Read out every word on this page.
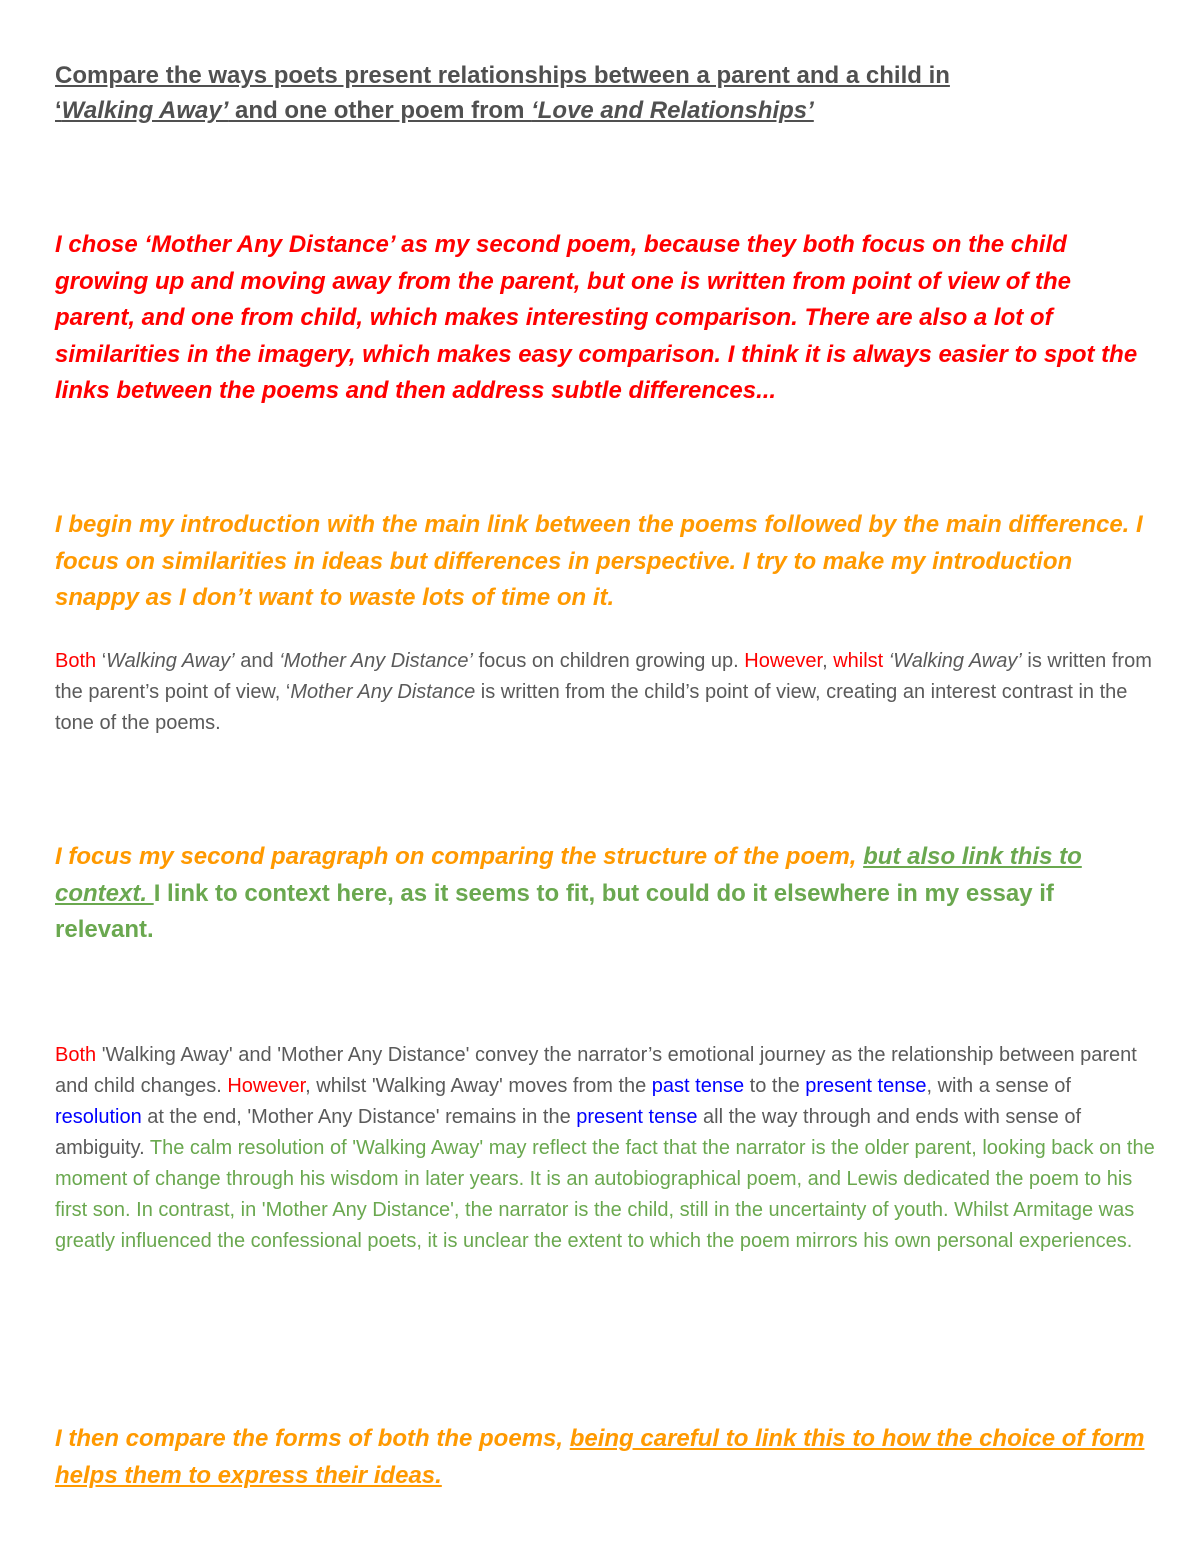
Compare the ways poets present relationships between a parent and a child in
‘Walking Away’ and one other poem from ‘Love and Relationships’

I chose ‘Mother Any Distance’ as my second poem, because they both focus on the child growing up and moving away from the parent, but one is written from point of view of the parent, and one from child, which makes interesting comparison. There are also a lot of similarities in the imagery, which makes easy comparison. I think it is always easier to spot the links between the poems and then address subtle differences...

I begin my introduction with the main link between the poems followed by the main difference. I focus on similarities in ideas but differences in perspective. I try to make my introduction snappy as I don’t want to waste lots of time on it.

Both ‘Walking Away’ and ‘Mother Any Distance’ focus on children growing up. However, whilst ‘Walking Away’ is written from the parent’s point of view, ‘Mother Any Distance is written from the child’s point of view, creating an interest contrast in the tone of the poems.

I focus my second paragraph on comparing the structure of the poem, but also link this to context. I link to context here, as it seems to fit, but could do it elsewhere in my essay if relevant.

Both 'Walking Away' and 'Mother Any Distance' convey the narrator’s emotional journey as the relationship between parent and child changes. However, whilst 'Walking Away' moves from the past tense to the present tense, with a sense of resolution at the end, 'Mother Any Distance' remains in the present tense all the way through and ends with sense of ambiguity. The calm resolution of 'Walking Away' may reflect the fact that the narrator is the older parent, looking back on the moment of change through his wisdom in later years. It is an autobiographical poem, and Lewis dedicated the poem to his first son. In contrast, in 'Mother Any Distance', the narrator is the child, still in the uncertainty of youth. Whilst Armitage was greatly influenced the confessional poets, it is unclear the extent to which the poem mirrors his own personal experiences.

I then compare the forms of both the poems, being careful to link this to how the choice of form helps them to express their ideas.
